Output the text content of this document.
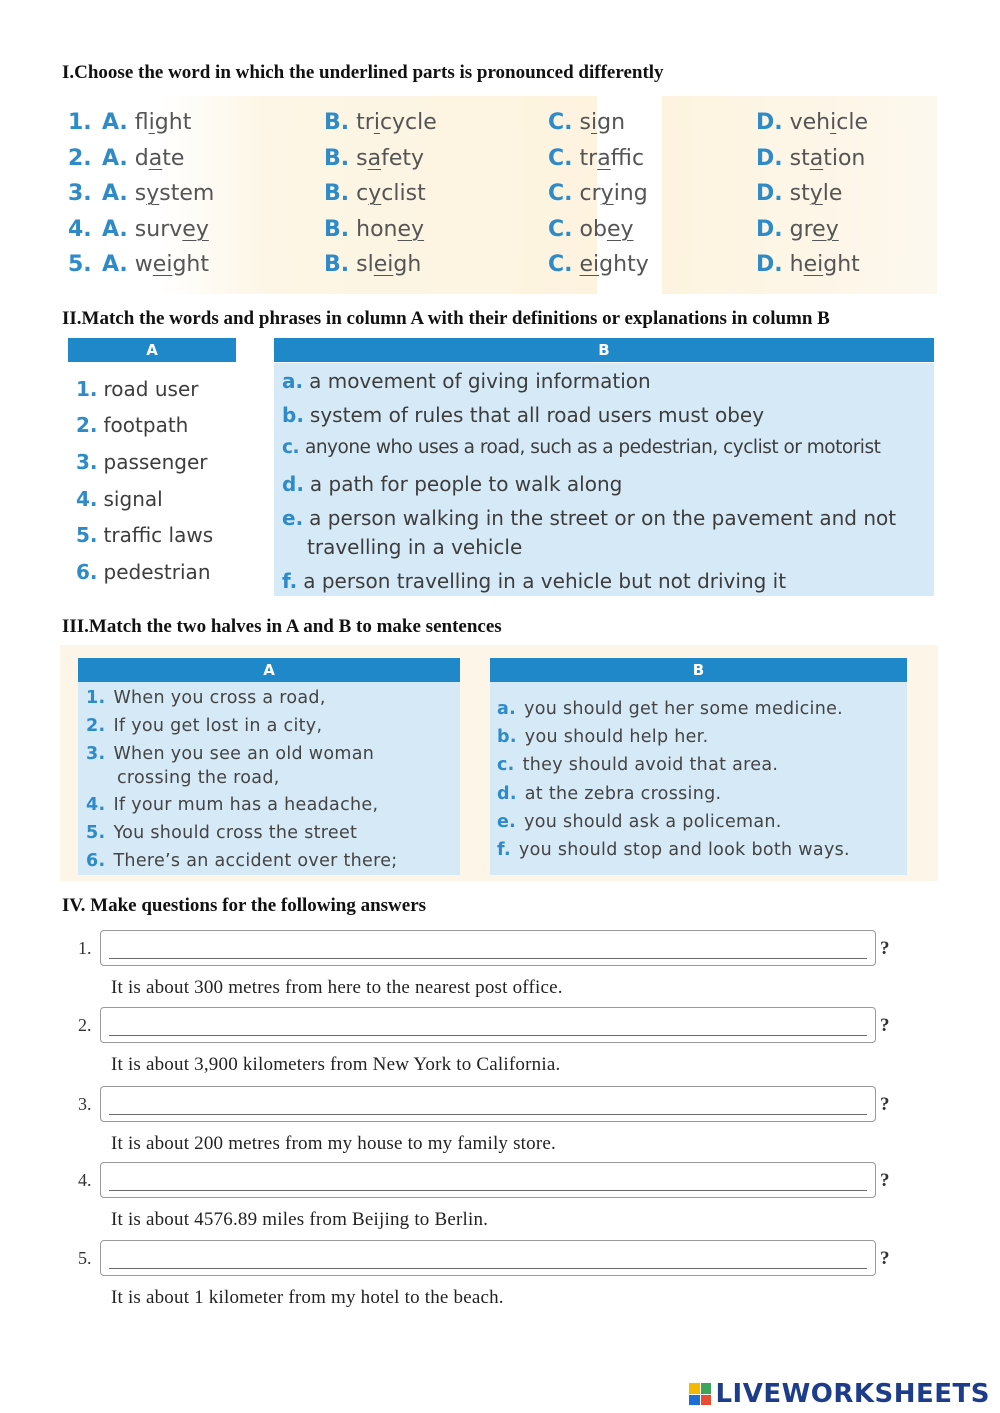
I.Choose the word in which the underlined parts is pronounced differently
1. A. flight	B. tricycle	C. sign	D. vehicle
2. A. date	B. safety	C. traffic	D. station
3. A. system	B. cyclist	C. crying	D. style
4. A. survey	B. honey	C. obey	D. grey
5. A. weight	B. sleigh	C. eighty	D. height
II.Match the words and phrases in column A with their definitions or explanations in column B
A	B
1. road user
2. footpath
3. passenger
4. signal
5. traffic laws
6. pedestrian
a. a movement of giving information
b. system of rules that all road users must obey
c. anyone who uses a road, such as a pedestrian, cyclist or motorist
d. a path for people to walk along
e. a person walking in the street or on the pavement and not
travelling in a vehicle
f. a person travelling in a vehicle but not driving it
III.Match the two halves in A and B to make sentences
A	B
1. When you cross a road,
2. If you get lost in a city,
3. When you see an old woman
crossing the road,
4. If your mum has a headache,
5. You should cross the street
6. There’s an accident over there;
a. you should get her some medicine.
b. you should help her.
c. they should avoid that area.
d. at the zebra crossing.
e. you should ask a policeman.
f. you should stop and look both ways.
IV. Make questions for the following answers
1.	?
It is about 300 metres from here to the nearest post office.
2.	?
It is about 3,900 kilometers from New York to California.
3.	?
It is about 200 metres from my house to my family store.
4.	?
It is about 4576.89 miles from Beijing to Berlin.
5.	?
It is about 1 kilometer from my hotel to the beach.
LIVEWORKSHEETS
